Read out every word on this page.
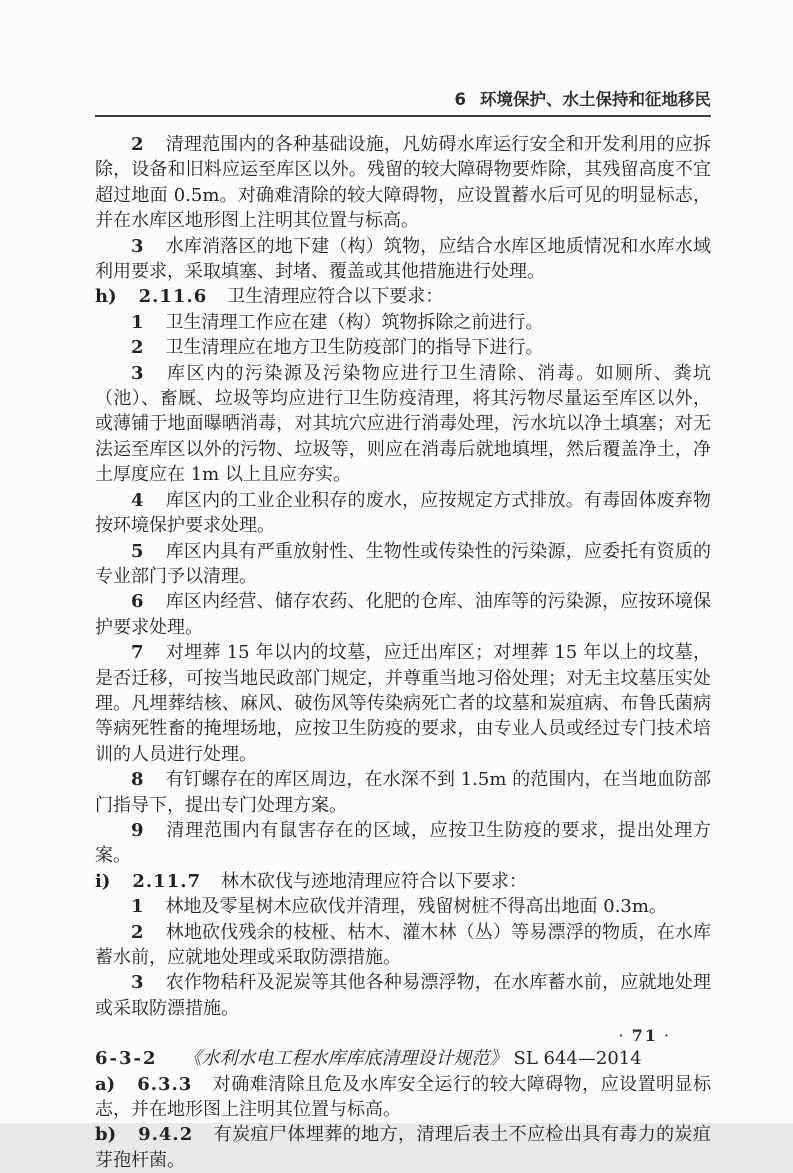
6 环境保护、水土保持和征地移民

2 清理范围内的各种基础设施，凡妨碍水库运行安全和开发利用的应拆除，设备和旧料应运至库区以外。残留的较大障碍物要炸除，其残留高度不宜超过地面 0.5m。对确难清除的较大障碍物，应设置蓄水后可见的明显标志，并在水库区地形图上注明其位置与标高。

3 水库消落区的地下建（构）筑物，应结合水库区地质情况和水库水域利用要求，采取填塞、封堵、覆盖或其他措施进行处理。

h) 2.11.6 卫生清理应符合以下要求：

1 卫生清理工作应在建（构）筑物拆除之前进行。

2 卫生清理应在地方卫生防疫部门的指导下进行。

3 库区内的污染源及污染物应进行卫生清除、消毒。如厕所、粪坑（池）、畜厩、垃圾等均应进行卫生防疫清理，将其污物尽量运至库区以外，或薄铺于地面曝晒消毒，对其坑穴应进行消毒处理，污水坑以净土填塞；对无法运至库区以外的污物、垃圾等，则应在消毒后就地填埋，然后覆盖净土，净土厚度应在 1m 以上且应夯实。

4 库区内的工业企业积存的废水，应按规定方式排放。有毒固体废弃物按环境保护要求处理。

5 库区内具有严重放射性、生物性或传染性的污染源，应委托有资质的专业部门予以清理。

6 库区内经营、储存农药、化肥的仓库、油库等的污染源，应按环境保护要求处理。

7 对埋葬 15 年以内的坟墓，应迁出库区；对埋葬 15 年以上的坟墓，是否迁移，可按当地民政部门规定，并尊重当地习俗处理；对无主坟墓压实处理。凡埋葬结核、麻风、破伤风等传染病死亡者的坟墓和炭疽病、布鲁氏菌病等病死牲畜的掩埋场地，应按卫生防疫的要求，由专业人员或经过专门技术培训的人员进行处理。

8 有钉螺存在的库区周边，在水深不到 1.5m 的范围内，在当地血防部门指导下，提出专门处理方案。

9 清理范围内有鼠害存在的区域，应按卫生防疫的要求，提出处理方案。

i) 2.11.7 林木砍伐与迹地清理应符合以下要求：

1 林地及零星树木应砍伐并清理，残留树桩不得高出地面 0.3m。

2 林地砍伐残余的枝桠、枯木、灌木林（丛）等易漂浮的物质，在水库蓄水前，应就地处理或采取防漂措施。

3 农作物秸秆及泥炭等其他各种易漂浮物，在水库蓄水前，应就地处理或采取防漂措施。

6-3-2 《水利水电工程水库库底清理设计规范》 SL 644—2014

a) 6.3.3 对确难清除且危及水库安全运行的较大障碍物，应设置明显标志，并在地形图上注明其位置与标高。

b) 9.4.2 有炭疽尸体埋葬的地方，清理后表土不应检出具有毒力的炭疽芽孢杆菌。

· 71 ·
